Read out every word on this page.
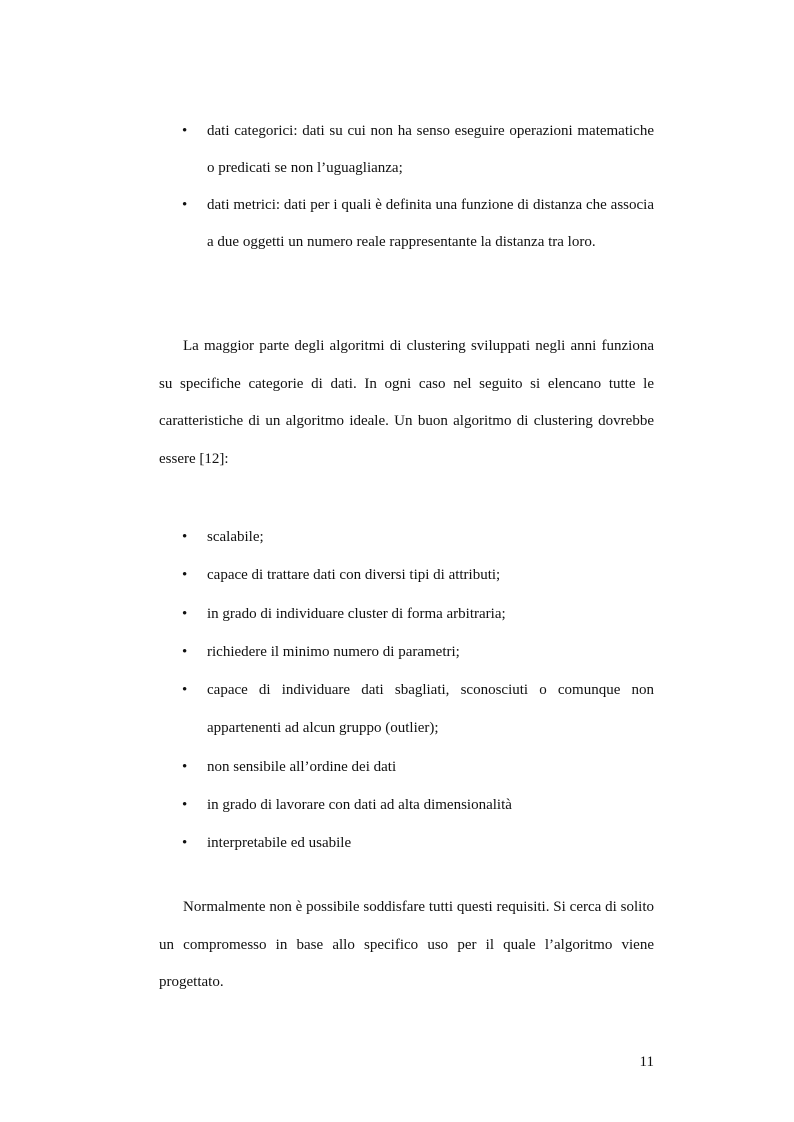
• dati categorici: dati su cui non ha senso eseguire operazioni matematiche o predicati se non l’uguaglianza;
• dati metrici: dati per i quali è definita una funzione di distanza che associa a due oggetti un numero reale rappresentante la distanza tra loro.

La maggior parte degli algoritmi di clustering sviluppati negli anni funziona su specifiche categorie di dati. In ogni caso nel seguito si elencano tutte le caratteristiche di un algoritmo ideale. Un buon algoritmo di clustering dovrebbe essere [12]:

• scalabile;
• capace di trattare dati con diversi tipi di attributi;
• in grado di individuare cluster di forma arbitraria;
• richiedere il minimo numero di parametri;
• capace di individuare dati sbagliati, sconosciuti o comunque non appartenenti ad alcun gruppo (outlier);
• non sensibile all’ordine dei dati
• in grado di lavorare con dati ad alta dimensionalità
• interpretabile ed usabile

Normalmente non è possibile soddisfare tutti questi requisiti. Si cerca di solito un compromesso in base allo specifico uso per il quale l’algoritmo viene progettato.

11
